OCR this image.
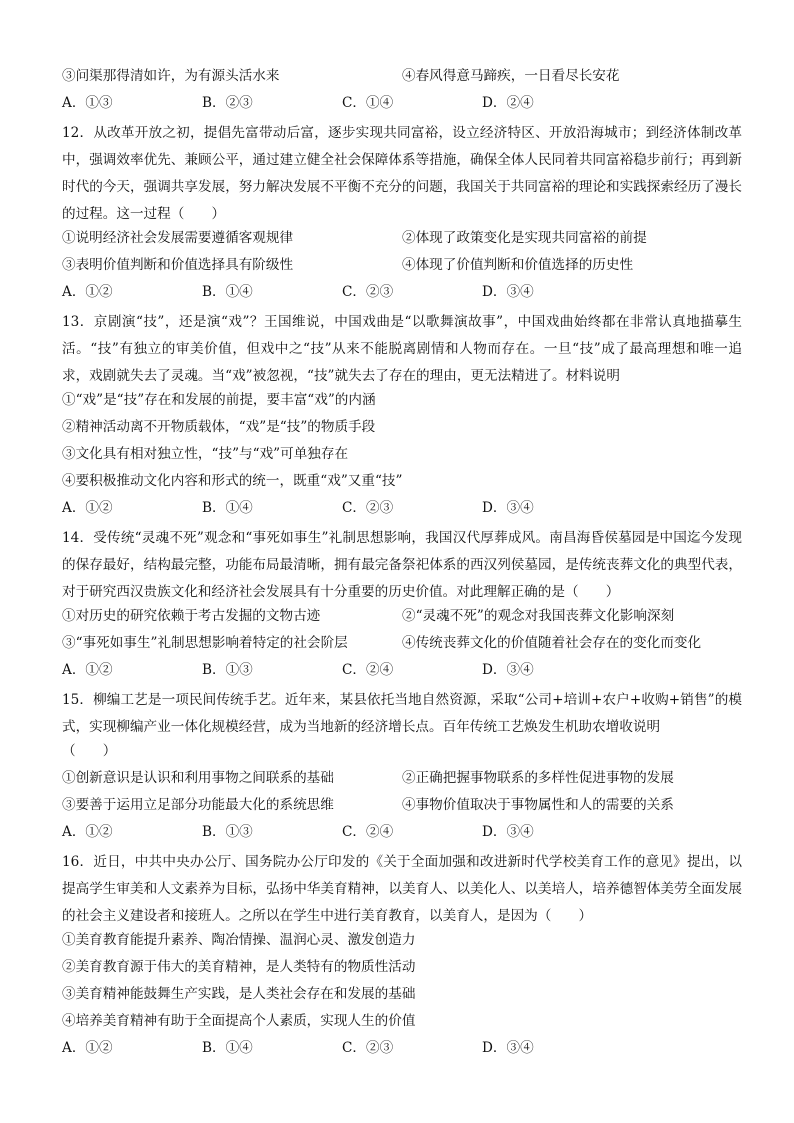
③问渠那得清如许，为有源头活水来	④春风得意马蹄疾，一日看尽长安花
A．①③	B．②③	C．①④	D．②④
12．从改革开放之初，提倡先富带动后富，逐步实现共同富裕，设立经济特区、开放沿海城市；到经济体制改革中，强调效率优先、兼顾公平，通过建立健全社会保障体系等措施，确保全体人民同着共同富裕稳步前行；再到新时代的今天，强调共享发展，努力解决发展不平衡不充分的问题，我国关于共同富裕的理论和实践探索经历了漫长的过程。这一过程（　　）
①说明经济社会发展需要遵循客观规律	②体现了政策变化是实现共同富裕的前提
③表明价值判断和价值选择具有阶级性	④体现了价值判断和价值选择的历史性
A．①②	B．①④	C．②③	D．③④
13．京剧演“技”，还是演“戏”？王国维说，中国戏曲是“以歌舞演故事”，中国戏曲始终都在非常认真地描摹生活。“技”有独立的审美价值，但戏中之“技”从来不能脱离剧情和人物而存在。一旦“技”成了最高理想和唯一追求，戏剧就失去了灵魂。当“戏”被忽视，“技”就失去了存在的理由，更无法精进了。材料说明
①“戏”是“技”存在和发展的前提，要丰富“戏”的内涵
②精神活动离不开物质载体，“戏”是“技”的物质手段
③文化具有相对独立性，“技”与“戏”可单独存在
④要积极推动文化内容和形式的统一，既重“戏”又重“技”
A．①②	B．①④	C．②③	D．③④
14．受传统“灵魂不死”观念和“事死如事生”礼制思想影响，我国汉代厚葬成风。南昌海昏侯墓园是中国迄今发现的保存最好，结构最完整，功能布局最清晰，拥有最完备祭祀体系的西汉列侯墓园，是传统丧葬文化的典型代表，对于研究西汉贵族文化和经济社会发展具有十分重要的历史价值。对此理解正确的是（　　）
①对历史的研究依赖于考古发掘的文物古迹	②“灵魂不死”的观念对我国丧葬文化影响深刻
③“事死如事生”礼制思想影响着特定的社会阶层	④传统丧葬文化的价值随着社会存在的变化而变化
A．①②	B．①③	C．②④	D．③④
15．柳编工艺是一项民间传统手艺。近年来，某县依托当地自然资源，采取“公司+培训+农户+收购+销售”的模式，实现柳编产业一体化规模经营，成为当地新的经济增长点。百年传统工艺焕发生机助农增收说明
（　　）
①创新意识是认识和利用事物之间联系的基础	②正确把握事物联系的多样性促进事物的发展
③要善于运用立足部分功能最大化的系统思维	④事物价值取决于事物属性和人的需要的关系
A．①②	B．①③	C．②④	D．③④
16．近日，中共中央办公厅、国务院办公厅印发的《关于全面加强和改进新时代学校美育工作的意见》提出，以提高学生审美和人文素养为目标，弘扬中华美育精神，以美育人、以美化人、以美培人，培养德智体美劳全面发展的社会主义建设者和接班人。之所以在学生中进行美育教育，以美育人，是因为（　　）
①美育教育能提升素养、陶冶情操、温润心灵、激发创造力
②美育教育源于伟大的美育精神，是人类特有的物质性活动
③美育精神能鼓舞生产实践，是人类社会存在和发展的基础
④培养美育精神有助于全面提高个人素质，实现人生的价值
A．①②	B．①④	C．②③	D．③④
